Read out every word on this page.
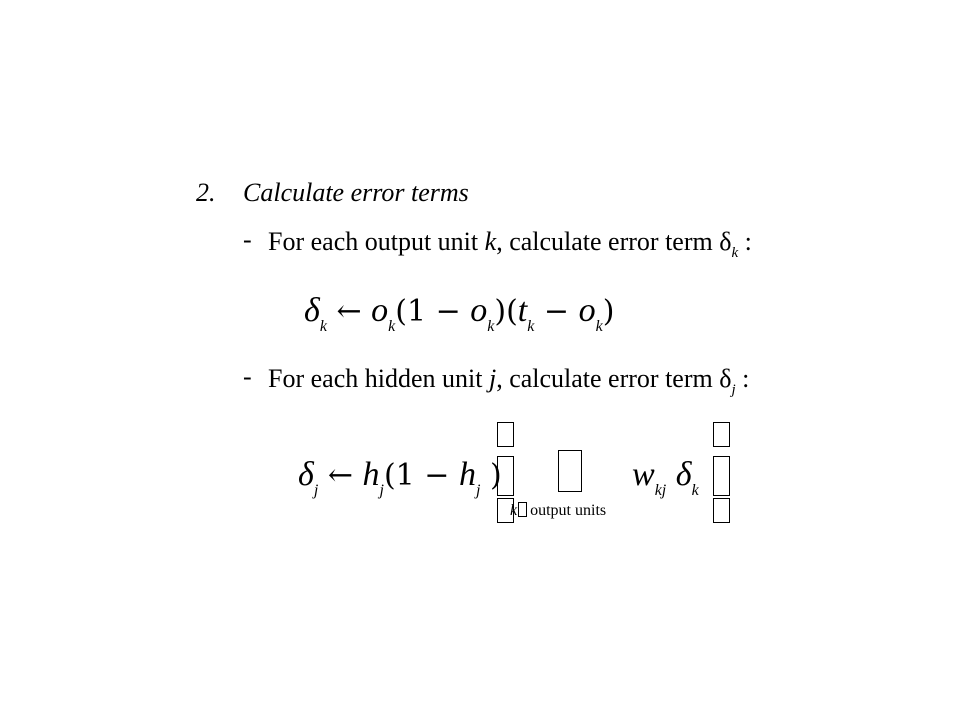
2. Calculate error terms
- For each output unit k, calculate error term $\delta_k$ :
$\delta_k$ ← $o_k(1 - o_k)(t_k - o_k)$
- For each hidden unit j, calculate error term $\delta_j$ :
$\delta_j$ ← $h_j(1 - h_j$ )	$w_{kj}$ $\delta_k$
k output units
